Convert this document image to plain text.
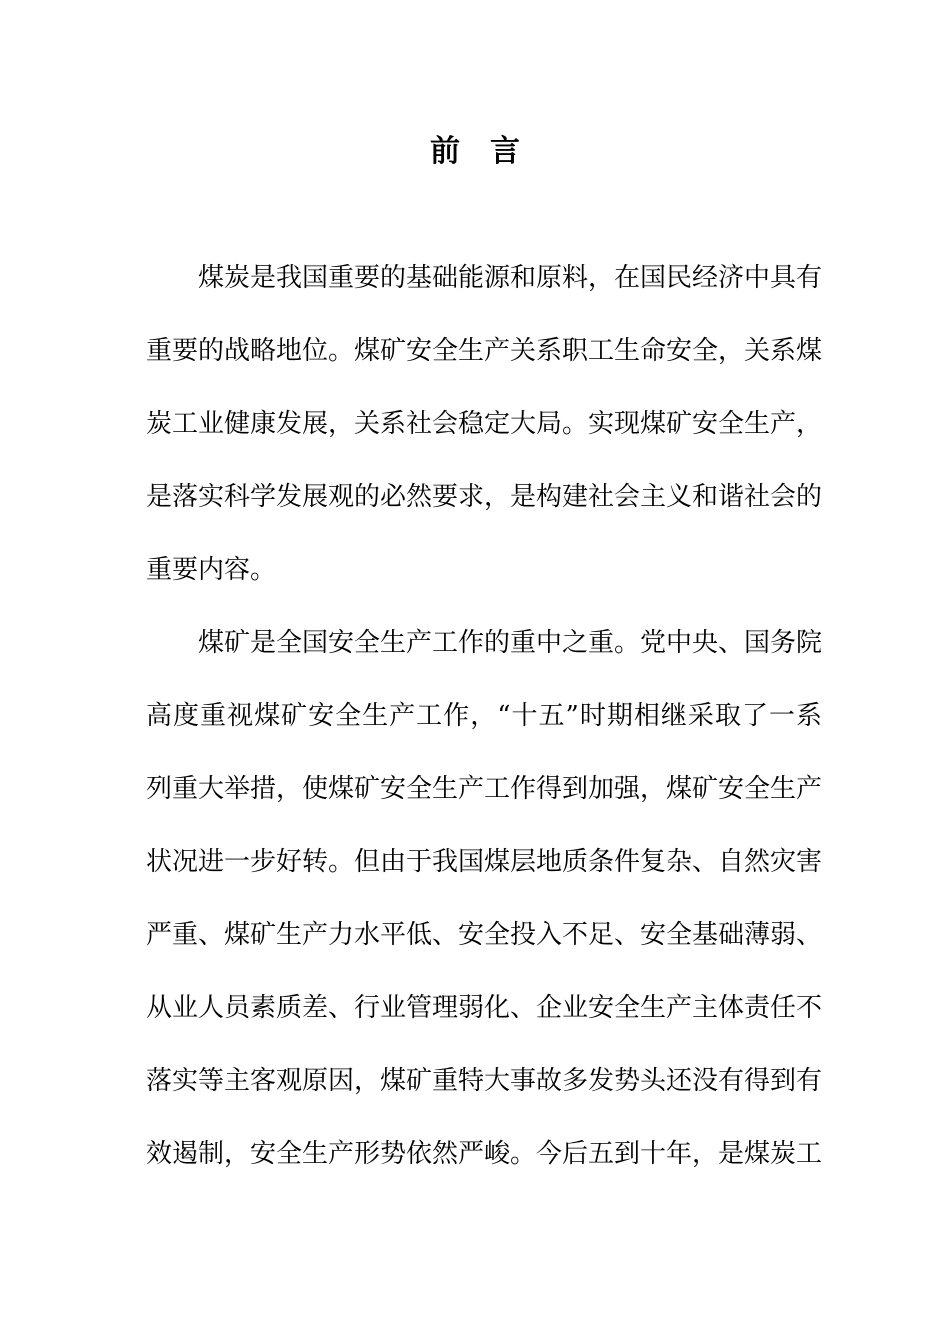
前言
煤炭是我国重要的基础能源和原料，在国民经济中具有
重要的战略地位。煤矿安全生产关系职工生命安全，关系煤
炭工业健康发展，关系社会稳定大局。实现煤矿安全生产，
是落实科学发展观的必然要求，是构建社会主义和谐社会的
重要内容。
煤矿是全国安全生产工作的重中之重。党中央、国务院
高度重视煤矿安全生产工作，“十五”时期相继采取了一系
列重大举措，使煤矿安全生产工作得到加强，煤矿安全生产
状况进一步好转。但由于我国煤层地质条件复杂、自然灾害
严重、煤矿生产力水平低、安全投入不足、安全基础薄弱、
从业人员素质差、行业管理弱化、企业安全生产主体责任不
落实等主客观原因，煤矿重特大事故多发势头还没有得到有
效遏制，安全生产形势依然严峻。今后五到十年，是煤炭工
